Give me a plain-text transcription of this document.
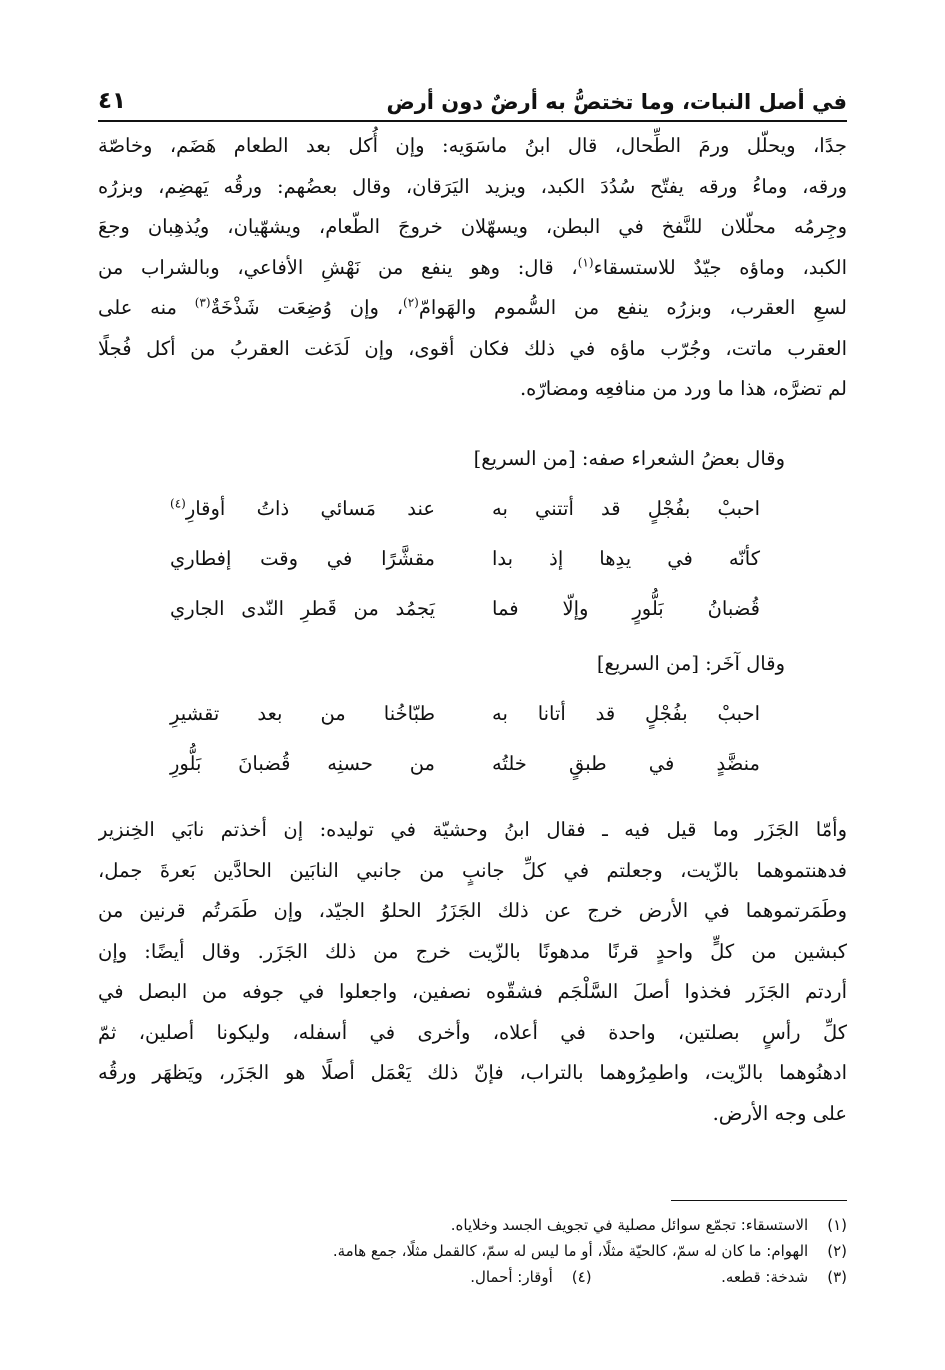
في أصل النبات، وما تختصُّ به أرضٌ دون أرض
٤١
جدًا، ويحلّل ورمَ الطِّحال، قال ابنُ ماسَوَيه: وإن أُكل بعد الطعام هَضَم، وخاصّة
ورقه، وماءُ ورقه يفتّح سُدُدَ الكبد، ويزيد اليَرَقان، وقال بعضُهم: ورقُه يَهضِم، وبزرُه
وجِرمُه محلّلان للنَّفخ في البطن، ويسهّلان خروجَ الطّعام، ويشهّيان، ويُذهِبان وجعَ
الكبد، وماؤه جيّدٌ للاستسقاء$^{(١)}$، قال: وهو ينفع من نَهْشِ الأفاعي، وبالشراب من
لسعِ العقرب، وبزرُه ينفع من السُّموم والهَوامّ$^{(٢)}$، وإن وُضِعَت شَذْخَةٌ$^{(٣)}$ منه على
العقرب ماتت، وجُرّب ماؤه في ذلك فكان أقوى، وإن لَدَغت العقربُ من أكل فُجلًا
لم تضرَّه، هذا ما ورد من منافعِه ومضارّه.
وقال بعضُ الشعراء صفه: [من السريع]
احببْ بفُجْلٍ قد أتتني به
عند مَسائي ذاتُ أوقارِ$^{(٤)}$
كأنّه في يدِها إذ بدا
مقشَّرًا في وقت إفطاري
قُضبانُ بَلُّورٍ وإلّا فما
يَجمُد من قَطرِ النّدى الجاري
وقال آخَر: [من السريع]
احببْ بفُجْلٍ قد أتانا به
طبّاخُنا من بعد تقشيرِ
منضَّدٍ في طبقٍ خلتُه
من حسنِه قُضبانَ بَلُّورِ
وأمّا الجَزَر وما قيل فيه ـ فقال ابنُ وحشيّة في توليده: إن أخذتم نابَي الخِنزير
فدهنتموهما بالزّيت، وجعلتم في كلِّ جانبٍ من جانبي النابَين الحادَّين بَعرةَ جمل،
وطَمَرتموهما في الأرض خرج عن ذلك الجَزَرُ الحلوُ الجيّد، وإن طَمَرتُم قرنين من
كبشين من كلٍّ واحدٍ قرنًا مدهونًا بالزّيت خرج من ذلك الجَزَر. وقال أيضًا: وإن
أردتم الجَزَر فخذوا أصلَ السَّلْجَم فشقّوه نصفين، واجعلوا في جوفه من البصل في
كلِّ رأسٍ بصلتين، واحدة في أعلاه، وأخرى في أسفله، وليكونا أصلين، ثمّ
ادهنُوهما بالزّيت، واطمِرُوهما بالتراب، فإنّ ذلك يَعْمَل أصلًا هو الجَزَر، ويَظهَر ورقُه
على وجه الأرض.
(١) الاستسقاء: تجمّع سوائل مصلية في تجويف الجسد وخلاياه.
(٢) الهوام: ما كان له سمّ، كالحيّة مثلًا، أو ما ليس له سمّ، كالقمل مثلًا، جمع هامة.
(٣) شدخة: قطعه.  (٤) أوقار: أحمال.
